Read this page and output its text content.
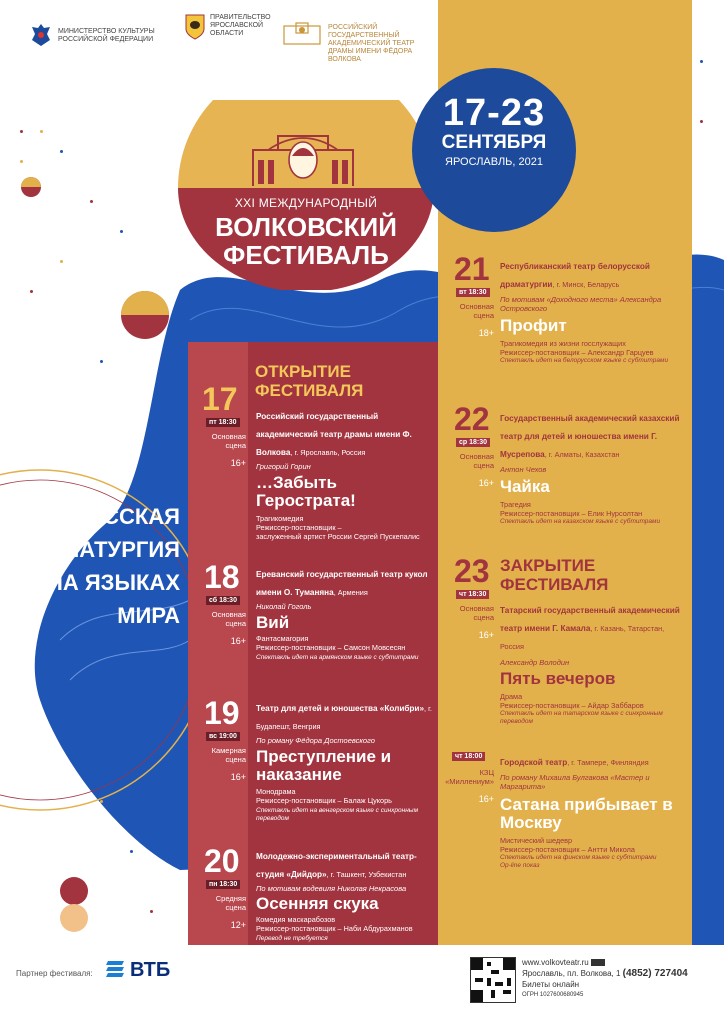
МИНИСТЕРСТВО КУЛЬТУРЫ РОССИЙСКОЙ ФЕДЕРАЦИИ
ПРАВИТЕЛЬСТВО ЯРОСЛАВСКОЙ ОБЛАСТИ
РОССИЙСКИЙ ГОСУДАРСТВЕННЫЙ АКАДЕМИЧЕСКИЙ ТЕАТР ДРАМЫ ИМЕНИ ФЁДОРА ВОЛКОВА
XXI МЕЖДУНАРОДНЫЙ
ВОЛКОВСКИЙ
ФЕСТИВАЛЬ
17-23
СЕНТЯБРЯ
ЯРОСЛАВЛЬ, 2021
РУССКАЯ
ДРАМАТУРГИЯ
НА ЯЗЫКАХ
МИРА
ОТКРЫТИЕ
ФЕСТИВАЛЯ
17
пт 18:30
Основная сцена
16+
Российский государственный академический театр драмы имени Ф. Волкова, г. Ярославль, Россия
Григорий Горин
…Забыть Герострата!
Трагикомедия
Режиссер-постановщик –
заслуженный артист России Сергей Пускепалис
18
сб 18:30
Основная сцена
16+
Ереванский государственный театр кукол имени О. Туманяна, Армения
Николай Гоголь
Вий
Фантасмагория
Режиссер-постановщик – Самсон Мовсесян
Спектакль идет на армянском языке с субтитрами
19
вс 19:00
Камерная сцена
16+
Театр для детей и юношества «Колибри», г. Будапешт, Венгрия
По роману Фёдора Достоевского
Преступление и наказание
Монодрама
Режиссер-постановщик – Балаж Цукорь
Спектакль идет на венгерском языке с синхронным переводом
20
пн 18:30
Средняя сцена
12+
Молодежно-экспериментальный театр-студия «Дийдор», г. Ташкент, Узбекистан
По мотивам водевиля Николая Некрасова
Осенняя скука
Комедия маскарабозов
Режиссер-постановщик – Наби Абдурахманов
Перевод не требуется
21
вт 18:30
Основная сцена
18+
Республиканский театр белорусской драматургии, г. Минск, Беларусь
По мотивам «Доходного места» Александра Островского
Профит
Трагикомедия из жизни госслужащих
Режиссер-постановщик – Александр Гарцуев
Спектакль идет на белорусском языке с субтитрами
22
ср 18:30
Основная сцена
16+
Государственный академический казахский театр для детей и юношества имени Г. Мусрепова, г. Алматы, Казахстан
Антон Чехов
Чайка
Трагедия
Режиссер-постановщик – Елик Нурсолтан
Спектакль идет на казахском языке с субтитрами
ЗАКРЫТИЕ
ФЕСТИВАЛЯ
23
чт 18:30
Основная сцена
16+
Татарский государственный академический театр имени Г. Камала, г. Казань, Татарстан, Россия
Александр Володин
Пять вечеров
Драма
Режиссер-постановщик – Айдар Заббаров
Спектакль идет на татарском языке с синхронным переводом
чт 18:00
КЗЦ «Миллениум»
16+
Городской театр, г. Тампере, Финляндия
По роману Михаила Булгакова «Мастер и Маргарита»
Сатана прибывает в Москву
Мистический шедевр
Режиссер-постановщик – Антти Микола
Спектакль идет на финском языке с субтитрами
Op-line показ
Партнер фестиваля: ВТБ	www.volkovteatr.ru
Ярославль, пл. Волкова, 1 (4852) 727404
Билеты онлайн
ОГРН 1027600680945
